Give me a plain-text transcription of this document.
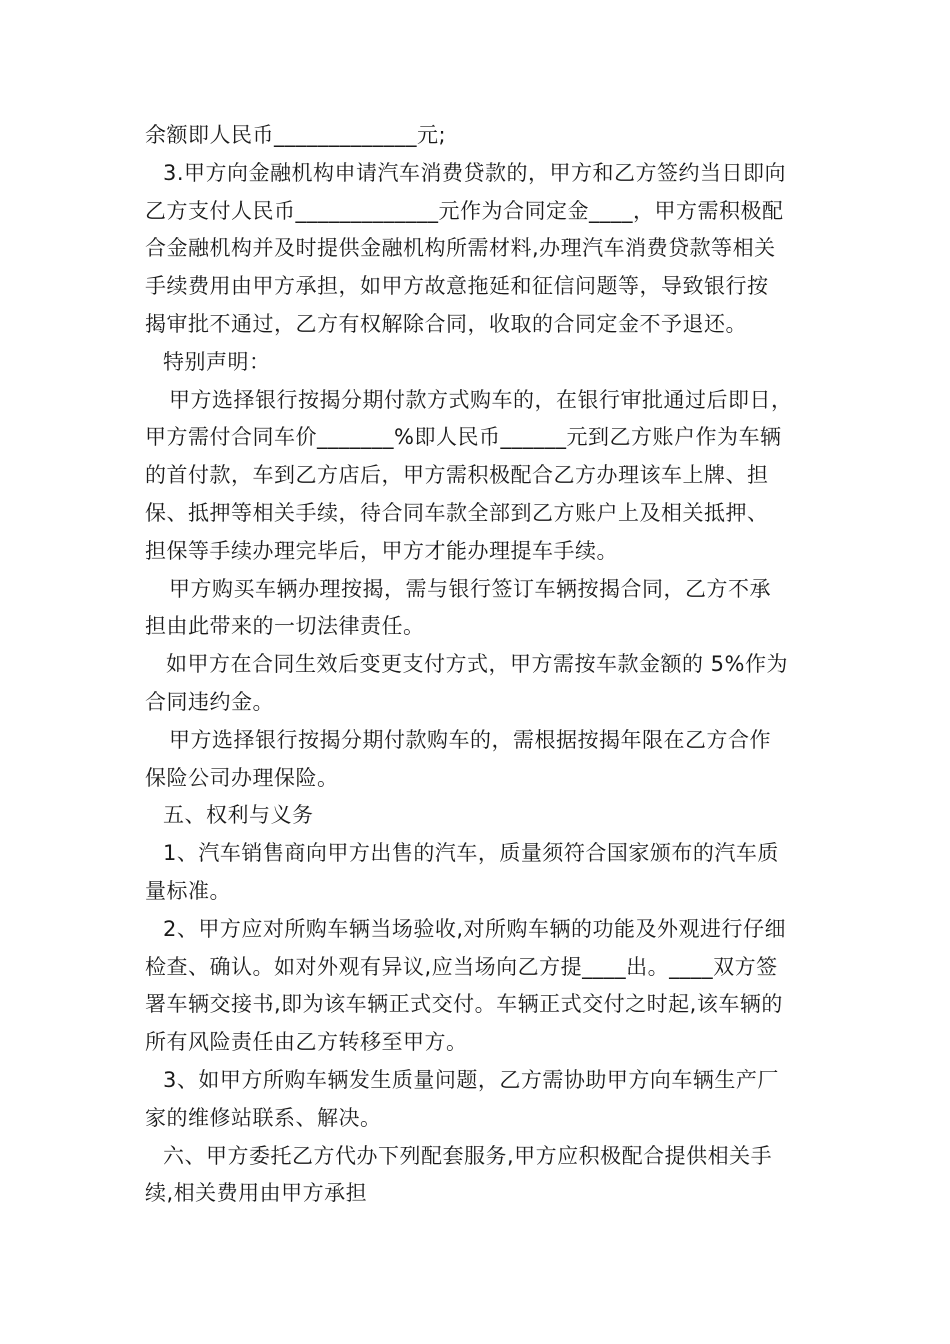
余额即人民币_____________元;
3.甲方向金融机构申请汽车消费贷款的，甲方和乙方签约当日即向
乙方支付人民币_____________元作为合同定金____，甲方需积极配
合金融机构并及时提供金融机构所需材料,办理汽车消费贷款等相关
手续费用由甲方承担，如甲方故意拖延和征信问题等，导致银行按
揭审批不通过，乙方有权解除合同，收取的合同定金不予退还。
特别声明：
甲方选择银行按揭分期付款方式购车的，在银行审批通过后即日，
甲方需付合同车价_______%即人民币______元到乙方账户作为车辆
的首付款，车到乙方店后，甲方需积极配合乙方办理该车上牌、担
保、抵押等相关手续，待合同车款全部到乙方账户上及相关抵押、
担保等手续办理完毕后，甲方才能办理提车手续。
甲方购买车辆办理按揭，需与银行签订车辆按揭合同，乙方不承
担由此带来的一切法律责任。
如甲方在合同生效后变更支付方式，甲方需按车款金额的 5%作为
合同违约金。
甲方选择银行按揭分期付款购车的，需根据按揭年限在乙方合作
保险公司办理保险。
五、权利与义务
1、汽车销售商向甲方出售的汽车，质量须符合国家颁布的汽车质
量标准。
2、甲方应对所购车辆当场验收,对所购车辆的功能及外观进行仔细
检查、确认。如对外观有异议,应当场向乙方提____出。____双方签
署车辆交接书,即为该车辆正式交付。车辆正式交付之时起,该车辆的
所有风险责任由乙方转移至甲方。
3、如甲方所购车辆发生质量问题，乙方需协助甲方向车辆生产厂
家的维修站联系、解决。
六、甲方委托乙方代办下列配套服务,甲方应积极配合提供相关手
续,相关费用由甲方承担
